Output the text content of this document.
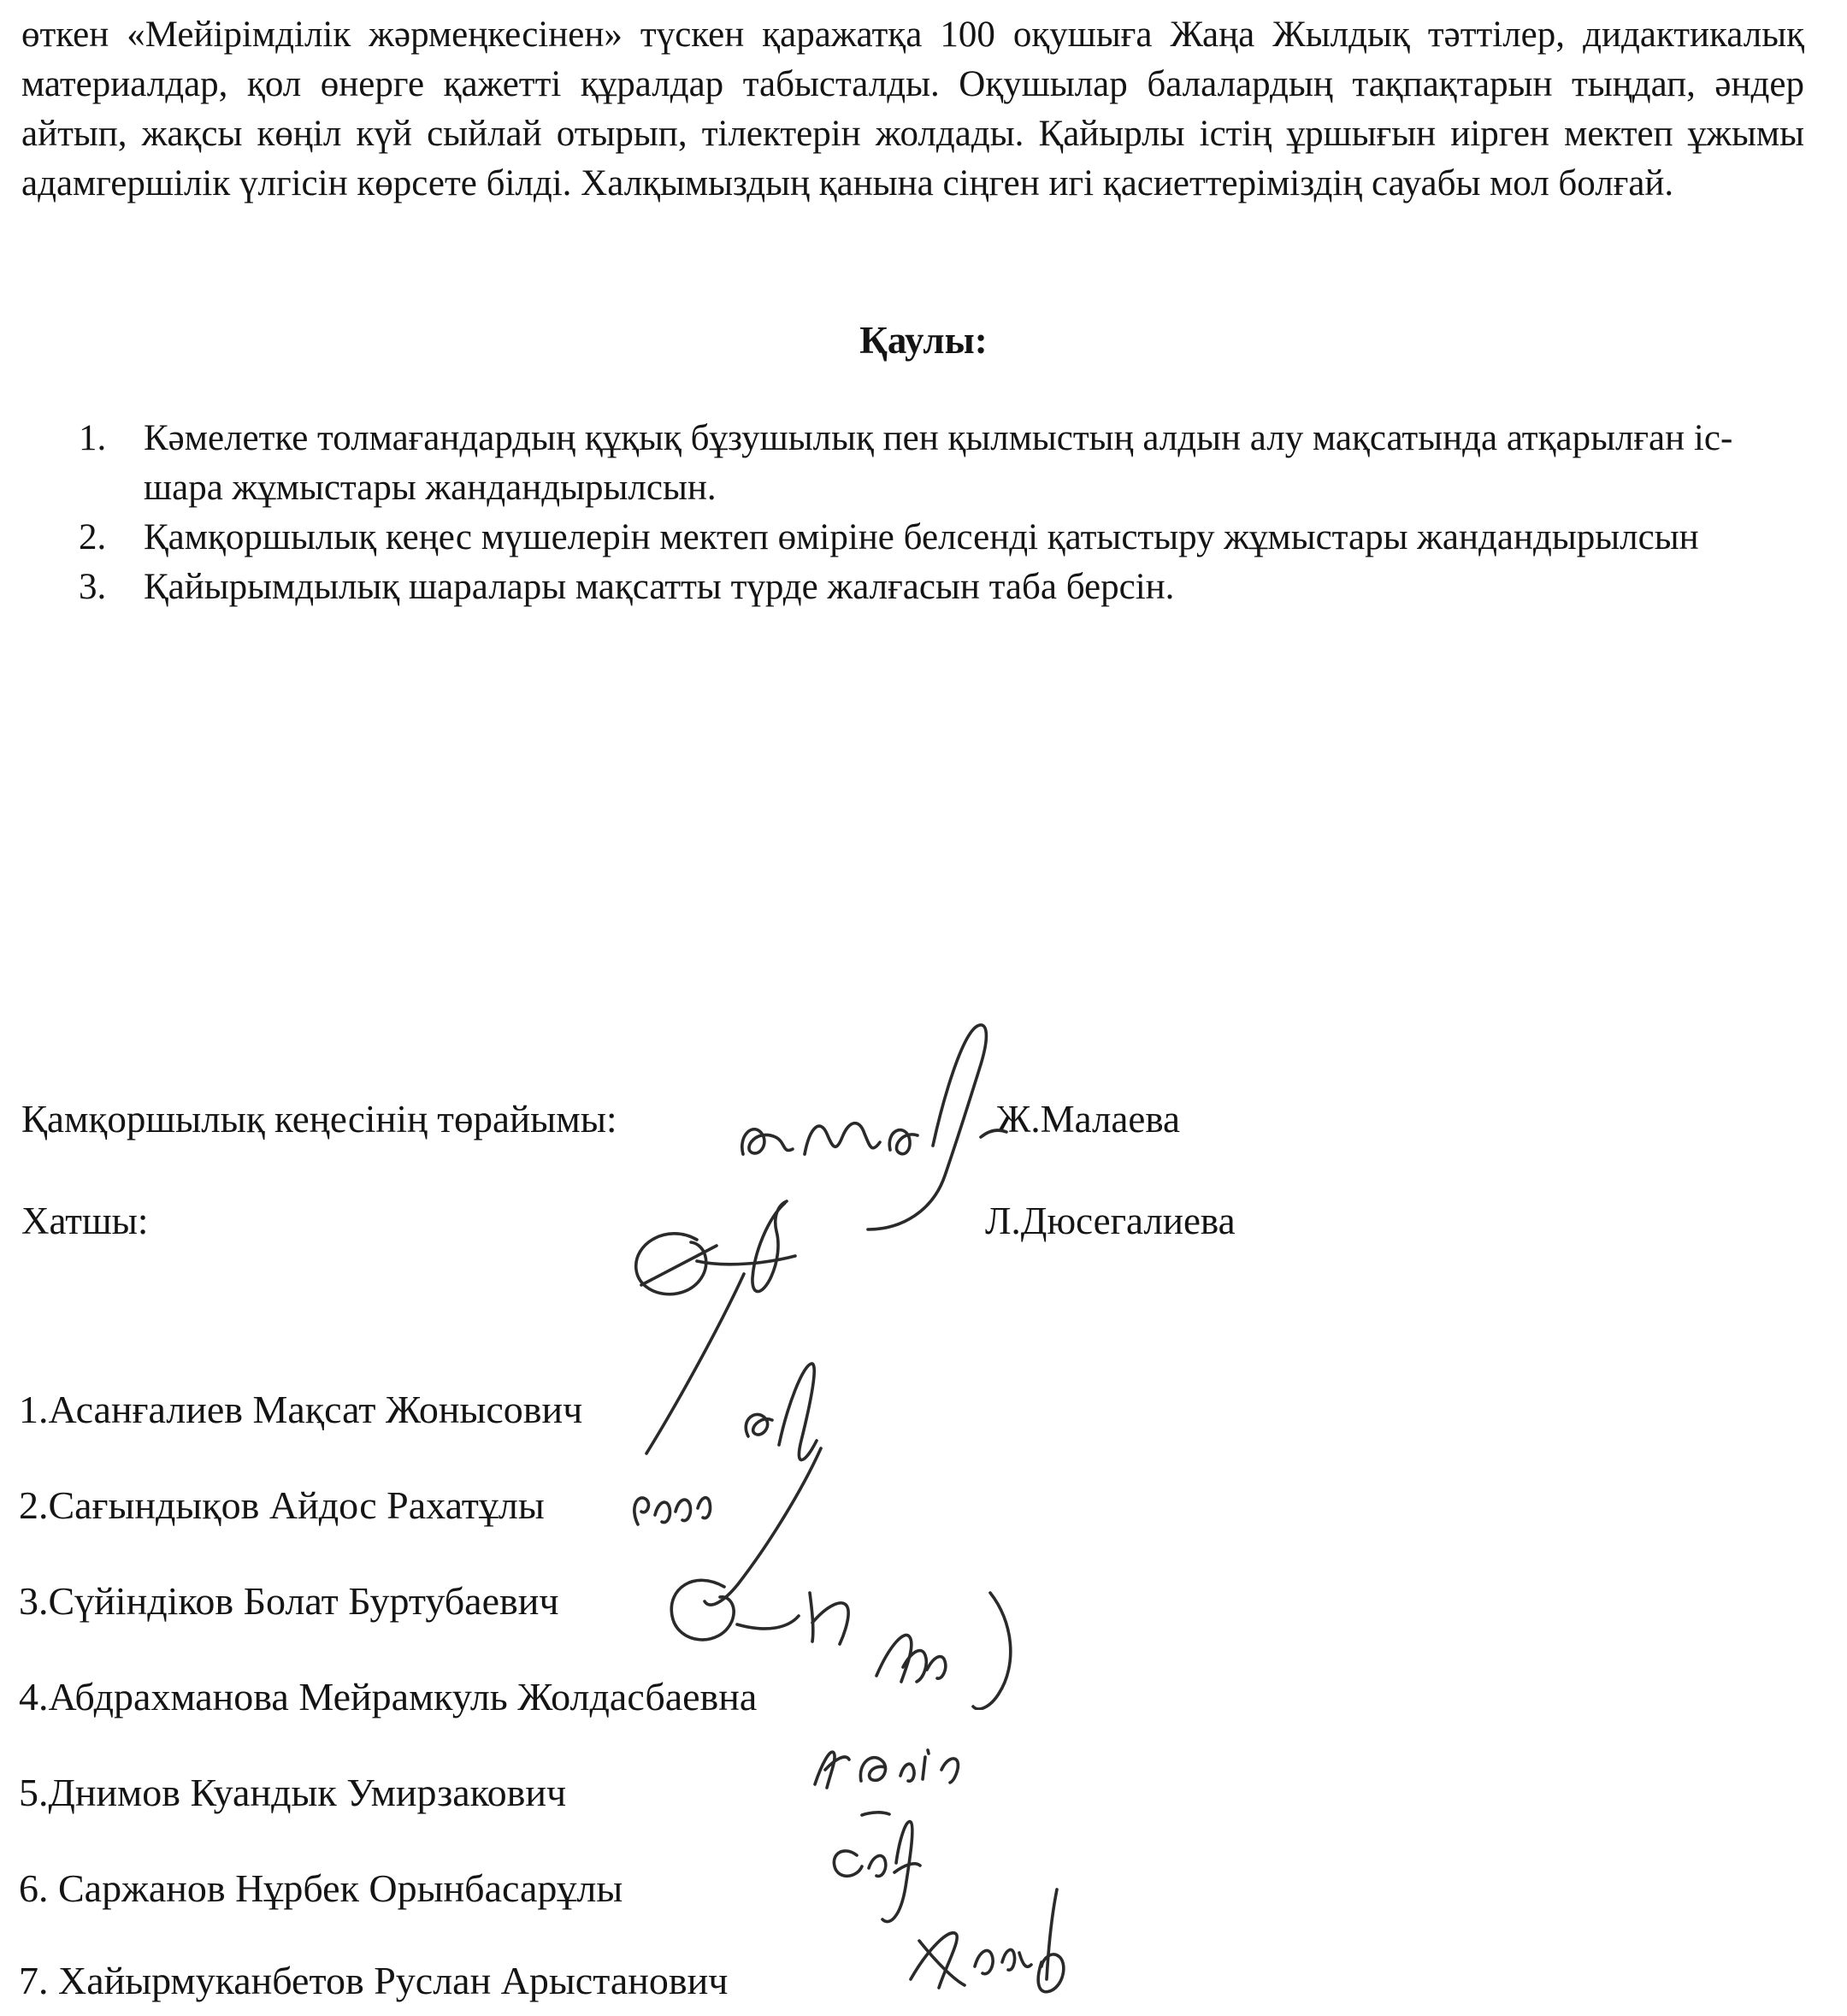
өткен «Мейірімділік жәрмеңкесінен» түскен қаражатқа 100 оқушыға Жаңа Жылдық тәттілер, дидактикалық материалдар, қол өнерге қажетті құралдар табысталды. Оқушылар балалардың тақпақтарын тыңдап, әндер айтып, жақсы көңіл күй сыйлай отырып, тілектерін жолдады. Қайырлы істің ұршығын иірген мектеп ұжымы адамгершілік үлгісін көрсете білді. Халқымыздың қанына сіңген игі қасиеттеріміздің сауабы мол болғай.
Қаулы:
1.	Кәмелетке толмағандардың құқық бұзушылық пен қылмыстың алдын алу мақсатында атқарылған іс-шара жұмыстары жандандырылсын.
2.	Қамқоршылық кеңес мүшелерін мектеп өміріне белсенді қатыстыру жұмыстары жандандырылсын
3.	Қайырымдылық шаралары мақсатты түрде жалғасын таба берсін.
Қамқоршылық кеңесінің төрайымы:	Ж.Малаева
Хатшы:	Л.Дюсегалиева
1.Асанғалиев Мақсат Жонысович
2.Сағындықов Айдос Рахатұлы
3.Сүйіндіков Болат Буртубаевич
4.Абдрахманова Мейрамкуль Жолдасбаевна
5.Днимов Куандык Умирзакович
6. Саржанов Нұрбек Орынбасарұлы
7. Хайырмуканбетов Руслан Арыстанович
